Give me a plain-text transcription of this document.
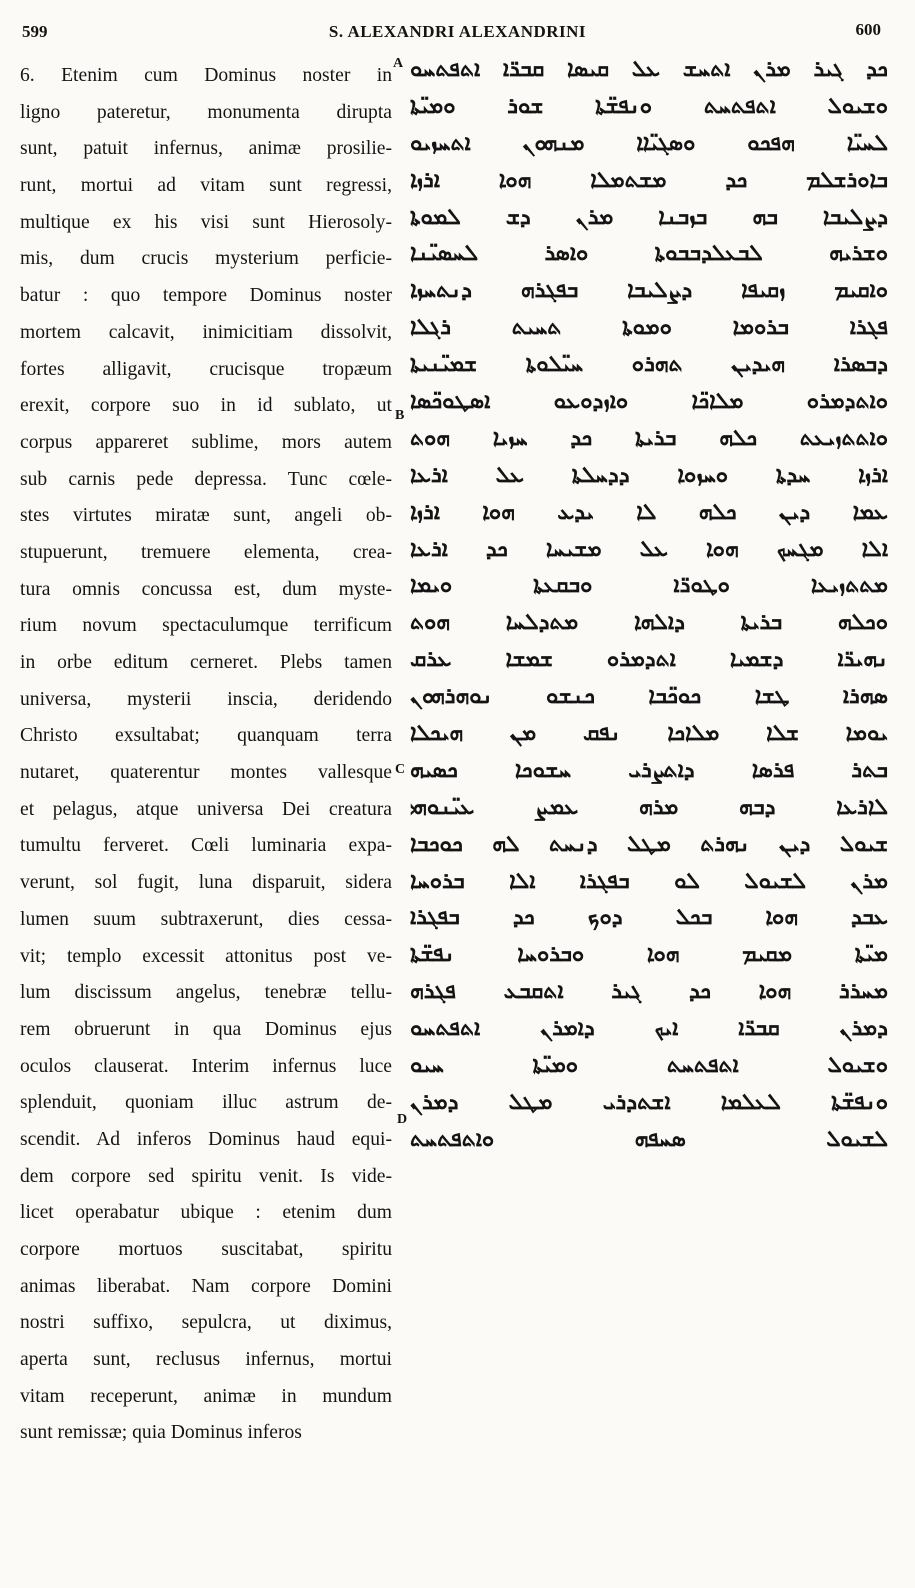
599	S. ALEXANDRI ALEXANDRINI	600
6. Etenim cum Dominus noster in
ligno pateretur, monumenta dirupta
sunt, patuit infernus, animæ prosilie-
runt, mortui ad vitam sunt regressi,
multique ex his visi sunt Hierosoly-
mis, dum crucis mysterium perficie-
batur : quo tempore Dominus noster
mortem calcavit, inimicitiam dissolvit,
fortes alligavit, crucisque tropæum
erexit, corpore suo in id sublato, ut
corpus appareret sublime, mors autem
sub carnis pede depressa. Tunc cœle-
stes virtutes miratæ sunt, angeli ob-
stupuerunt, tremuere elementa, crea-
tura omnis concussa est, dum myste-
rium novum spectaculumque terrificum
in orbe editum cerneret. Plebs tamen
universa, mysterii inscia, deridendo
Christo exsultabat; quanquam terra
nutaret, quaterentur montes vallesque
et pelagus, atque universa Dei creatura
tumultu ferveret. Cœli luminaria expa-
verunt, sol fugit, luna disparuit, sidera
lumen suum subtraxerunt, dies cessa-
vit; templo excessit attonitus post ve-
lum discissum angelus, tenebræ tellu-
rem obruerunt in qua Dominus ejus
oculos clauserat. Interim infernus luce
splenduit, quoniam illuc astrum de-
scendit. Ad inferos Dominus haud equi-
dem corpore sed spiritu venit. Is vide-
licet operabatur ubique : etenim dum
corpore mortuos suscitabat, spiritu
animas liberabat. Nam corpore Domini
nostri suffixo, sepulcra, ut diximus,
aperta sunt, reclusus infernus, mortui
vitam receperunt, animæ in mundum
sunt remissæ; quia Dominus inferos
A
B
C
D
ܟܕ ܓܝܪ ܡܪܢ ܐܬܚܫ ܥܠ ܩܝܣܐ ܩܒܪ̈ܐ ܐܬܦܬܚܘ
ܘܫܝܘܠ ܐܬܦܬܚܬ ܘܢܦܫ̈ܬܐ ܫܘܪ ܘܡܝ̈ܬܐ
ܠܚܝ̈ܐ ܗܦܟܘ ܘܣܓܝ̈ܐܐ ܡܢܗܘܢ ܐܬܚܙܝܘ
ܒܐܘܪܫܠܡ ܟܕ ܡܫܬܡܠܐ ܗܘܐ ܐܪܙܐ
ܕܨܠܝܒܐ ܒܗ ܒܙܒܢܐ ܡܪܢ ܕܫ ܠܡܘܬܐ
ܘܫܪܝܗ ܠܒܥܠܕܒܒܘܬܐ ܘܐܣܪ ܠܚܣܝ̈ܢܐ
ܘܐܩܝܡ ܙܩܝܦܐ ܕܨܠܝܒܐ ܒܦܓܪܗ ܕܢܬܚܙܐ
ܦܓܪܐ ܒܪܘܡܐ ܘܡܘܬܐ ܬܚܝܬ ܪܓܠܐ
ܕܒܣܪܐ ܗܝܕܝܢ ܬܗܪܘ ܚܝ̈ܠܘܬܐ ܫܡܝ̈ܢܝܬܐ
ܘܐܬܕܡܪܘ ܡܠܐܟ̈ܐ ܘܐܙܕܘܥܘ ܐܣܛܘܟ̈ܣܐ
ܘܐܬܬܙܝܥܬ ܟܠܗ ܒܪܝܬܐ ܟܕ ܚܙܝܐ ܗܘܬ
ܐܪܙܐ ܚܕܬܐ ܘܚܙܘܐ ܕܕܚܠܬܐ ܥܠ ܐܪܥܐ
ܥܡܐ ܕܝܢ ܟܠܗ ܠܐ ܝܕܥ ܗܘܐ ܐܪܙܐ
ܐܠܐ ܡܓܚܟ ܗܘܐ ܥܠ ܡܫܝܚܐ ܟܕ ܐܪܥܐ
ܡܬܬܙܝܥܐ ܘܛܘܪ̈ܐ ܘܒܩܥܬܐ ܘܝܡܐ
ܘܟܠܗ ܒܪܝܬܐ ܕܐܠܗܐ ܡܬܕܠܚܐ ܗܘܬ
ܢܗܝܪ̈ܐ ܕܫܡܝܐ ܐܬܕܡܪܘ ܫܡܫܐ ܥܪܩ
ܣܗܪܐ ܛܫܐ ܟܘܟ̈ܒܐ ܟܢܫܘ ܢܘܗܪܗܘܢ
ܝܘܡܐ ܫܠܐ ܡܠܐܟܐ ܢܦܩ ܡܢ ܗܝܟܠܐ
ܒܬܪ ܦܪܣܐ ܕܐܬܨܪܝ ܚܫܘܟܐ ܟܣܝܗ
ܠܐܪܥܐ ܕܒܗ ܡܪܗ ܥܡܨ ܥܝ̈ܢܘܗܝ
ܫܝܘܠ ܕܝܢ ܢܗܪܬ ܡܛܠ ܕܢܚܬ ܠܗ ܟܘܟܒܐ
ܡܪܢ ܠܫܝܘܠ ܠܘ ܒܦܓܪܐ ܐܠܐ ܒܪܘܚܐ
ܥܒܕ ܗܘܐ ܒܟܠ ܕܘܟ ܟܕ ܒܦܓܪܐ
ܡܝ̈ܬܐ ܡܩܝܡ ܗܘܐ ܘܒܪܘܚܐ ܢܦܫ̈ܬܐ
ܡܚܪܪ ܗܘܐ ܟܕ ܓܝܪ ܐܬܩܒܥ ܦܓܪܗ
ܕܡܪܢ ܩܒܪ̈ܐ ܐܝܟ ܕܐܡܪܢ ܐܬܦܬܚܘ
ܘܫܝܘܠ ܐܬܦܬܚܬ ܘܡܝ̈ܬܐ ܚܝܘ
ܘܢܦܫ̈ܬܐ ܠܥܠܡܐ ܐܫܬܕܪܝ ܡܛܠ ܕܡܪܢ
ܠܫܝܘܠ ܣܚܦܗ ܘܐܬܦܬܚܬ
